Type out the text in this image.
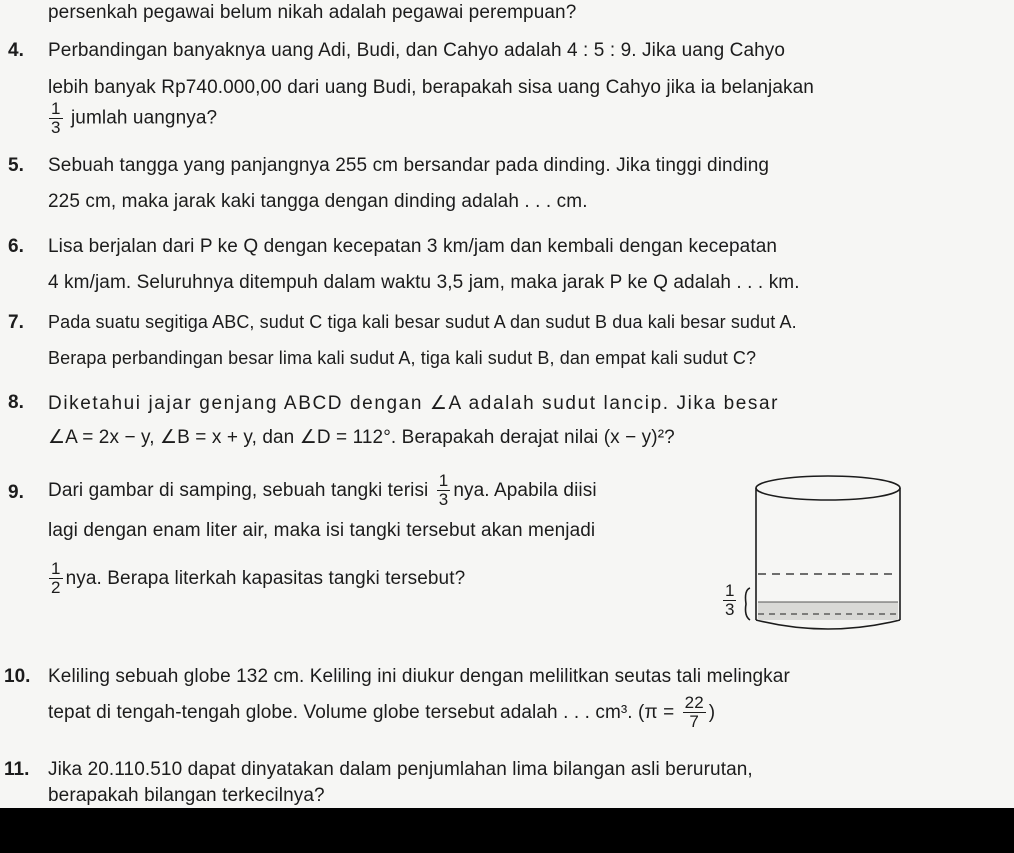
persenkah pegawai belum nikah adalah pegawai perempuan?
4. Perbandingan banyaknya uang Adi, Budi, dan Cahyo adalah 4 : 5 : 9. Jika uang Cahyo
lebih banyak Rp740.000,00 dari uang Budi, berapakah sisa uang Cahyo jika ia belanjakan
$\frac{1}{3}$ jumlah uangnya?
5. Sebuah tangga yang panjangnya 255 cm bersandar pada dinding. Jika tinggi dinding
225 cm, maka jarak kaki tangga dengan dinding adalah . . . cm.
6. Lisa berjalan dari P ke Q dengan kecepatan 3 km/jam dan kembali dengan kecepatan
4 km/jam. Seluruhnya ditempuh dalam waktu 3,5 jam, maka jarak P ke Q adalah . . . km.
7. Pada suatu segitiga ABC, sudut C tiga kali besar sudut A dan sudut B dua kali besar sudut A.
Berapa perbandingan besar lima kali sudut A, tiga kali sudut B, dan empat kali sudut C?
8. Diketahui jajar genjang ABCD dengan ∠A adalah sudut lancip. Jika besar
∠A = 2x − y, ∠B = x + y, dan ∠D = 112°. Berapakah derajat nilai (x − y)²?
9. Dari gambar di samping, sebuah tangki terisi $\frac{1}{3}$ nya. Apabila diisi
lagi dengan enam liter air, maka isi tangki tersebut akan menjadi
$\frac{1}{2}$ nya. Berapa literkah kapasitas tangki tersebut?
$\frac{1}{3}$
10. Keliling sebuah globe 132 cm. Keliling ini diukur dengan melilitkan seutas tali melingkar
tepat di tengah-tengah globe. Volume globe tersebut adalah . . . cm³. ($\pi = \frac{22}{7}$ )
11. Jika 20.110.510 dapat dinyatakan dalam penjumlahan lima bilangan asli berurutan,
berapakah bilangan terkecilnya?
